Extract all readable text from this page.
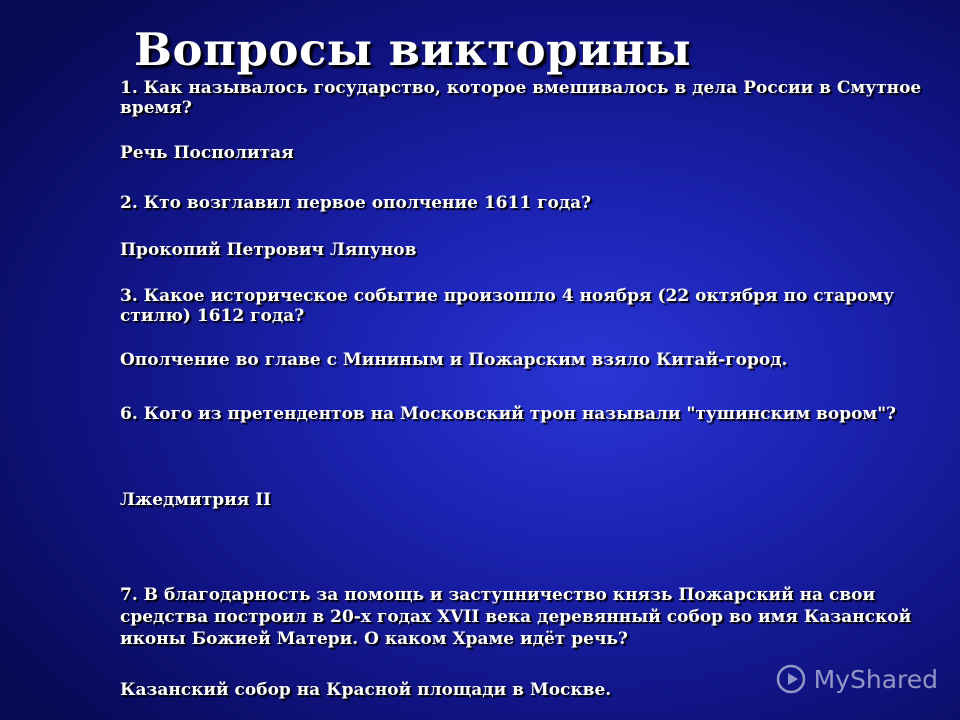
Вопросы викторины

1. Как называлось государство, которое вмешивалось в дела России в Смутное время?

Речь Посполитая

2. Кто возглавил первое ополчение 1611 года?

Прокопий Петрович Ляпунов

3. Какое историческое событие произошло 4 ноября (22 октября по старому стилю) 1612 года?

Ополчение во главе с Мининым и Пожарским взяло Китай-город.

6. Кого из претендентов на Московский трон называли "тушинским вором"?

Лжедмитрия II

7. В благодарность за помощь и заступничество князь Пожарский на свои средства построил в 20-х годах XVII века деревянный собор во имя Казанской иконы Божией Матери. О каком Храме идёт речь?

Казанский собор на Красной площади в Москве.	MyShared
